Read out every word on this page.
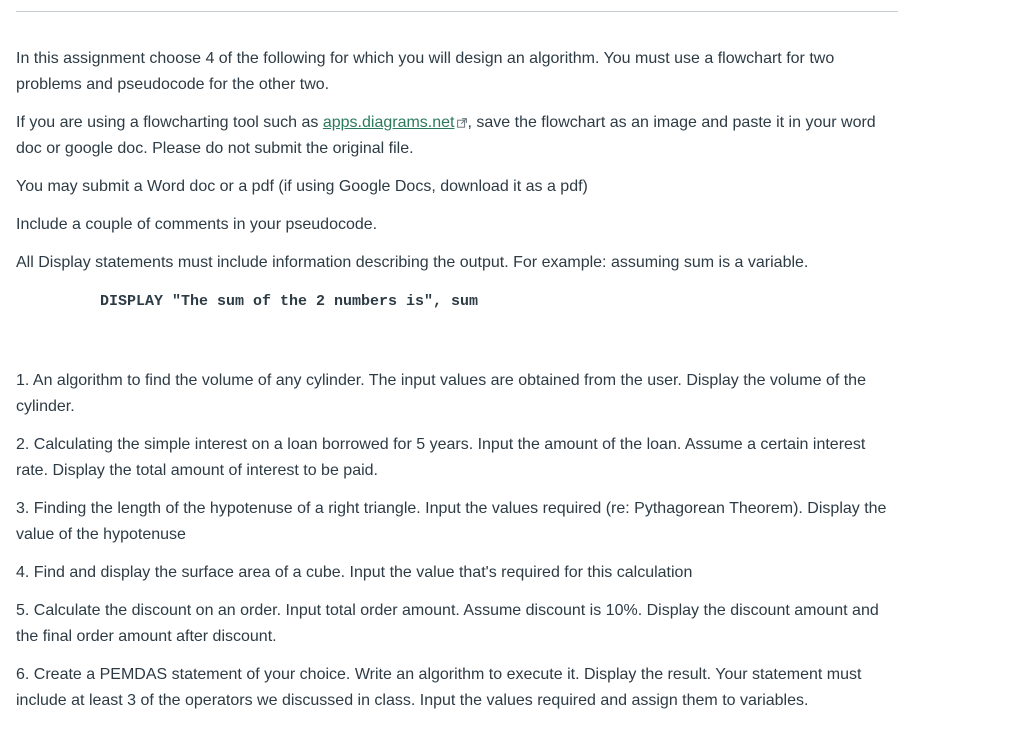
In this assignment choose 4 of the following for which you will design an algorithm. You must use a flowchart for two problems and pseudocode for the other two.

If you are using a flowcharting tool such as apps.diagrams.net , save the flowchart as an image and paste it in your word doc or google doc. Please do not submit the original file.

You may submit a Word doc or a pdf (if using Google Docs, download it as a pdf)

Include a couple of comments in your pseudocode.

All Display statements must include information describing the output. For example: assuming sum is a variable.

DISPLAY "The sum of the 2 numbers is", sum

1. An algorithm to find the volume of any cylinder. The input values are obtained from the user. Display the volume of the cylinder.

2. Calculating the simple interest on a loan borrowed for 5 years. Input the amount of the loan. Assume a certain interest rate. Display the total amount of interest to be paid.

3. Finding the length of the hypotenuse of a right triangle. Input the values required (re: Pythagorean Theorem). Display the value of the hypotenuse

4. Find and display the surface area of a cube. Input the value that's required for this calculation

5. Calculate the discount on an order. Input total order amount. Assume discount is 10%. Display the discount amount and the final order amount after discount.

6. Create a PEMDAS statement of your choice. Write an algorithm to execute it. Display the result. Your statement must include at least 3 of the operators we discussed in class. Input the values required and assign them to variables.
